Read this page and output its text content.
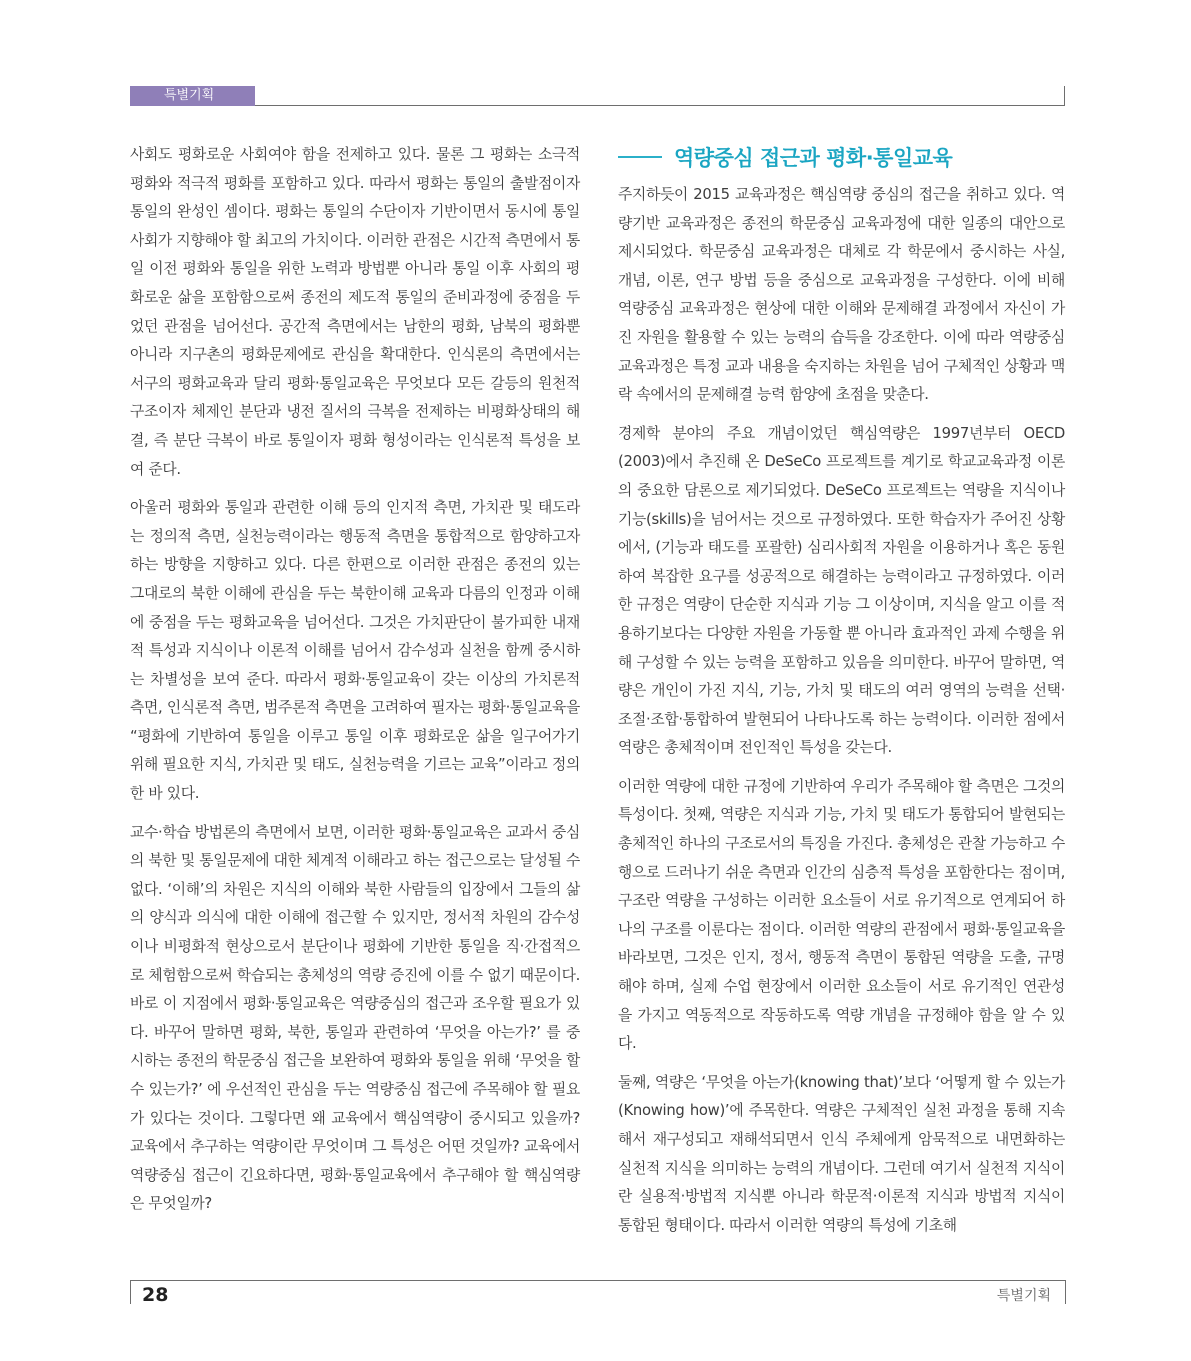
특별기획

사회도 평화로운 사회여야 함을 전제하고 있다. 물론 그 평화는 소극적 평화와 적극적 평화를 포함하고 있다. 따라서 평화는 통일의 출발점이자 통일의 완성인 셈이다. 평화는 통일의 수단이자 기반이면서 동시에 통일사회가 지향해야 할 최고의 가치이다. 이러한 관점은 시간적 측면에서 통일 이전 평화와 통일을 위한 노력과 방법뿐 아니라 통일 이후 사회의 평화로운 삶을 포함함으로써 종전의 제도적 통일의 준비과정에 중점을 두었던 관점을 넘어선다. 공간적 측면에서는 남한의 평화, 남북의 평화뿐 아니라 지구촌의 평화문제에로 관심을 확대한다. 인식론의 측면에서는 서구의 평화교육과 달리 평화·통일교육은 무엇보다 모든 갈등의 원천적 구조이자 체제인 분단과 냉전 질서의 극복을 전제하는 비평화상태의 해결, 즉 분단 극복이 바로 통일이자 평화 형성이라는 인식론적 특성을 보여 준다.

아울러 평화와 통일과 관련한 이해 등의 인지적 측면, 가치관 및 태도라는 정의적 측면, 실천능력이라는 행동적 측면을 통합적으로 함양하고자 하는 방향을 지향하고 있다. 다른 한편으로 이러한 관점은 종전의 있는 그대로의 북한 이해에 관심을 두는 북한이해 교육과 다름의 인정과 이해에 중점을 두는 평화교육을 넘어선다. 그것은 가치판단이 불가피한 내재적 특성과 지식이나 이론적 이해를 넘어서 감수성과 실천을 함께 중시하는 차별성을 보여 준다. 따라서 평화·통일교육이 갖는 이상의 가치론적 측면, 인식론적 측면, 범주론적 측면을 고려하여 필자는 평화·통일교육을 “평화에 기반하여 통일을 이루고 통일 이후 평화로운 삶을 일구어가기 위해 필요한 지식, 가치관 및 태도, 실천능력을 기르는 교육”이라고 정의한 바 있다.

교수·학습 방법론의 측면에서 보면, 이러한 평화·통일교육은 교과서 중심의 북한 및 통일문제에 대한 체계적 이해라고 하는 접근으로는 달성될 수 없다. ‘이해’의 차원은 지식의 이해와 북한 사람들의 입장에서 그들의 삶의 양식과 의식에 대한 이해에 접근할 수 있지만, 정서적 차원의 감수성이나 비평화적 현상으로서 분단이나 평화에 기반한 통일을 직·간접적으로 체험함으로써 학습되는 총체성의 역량 증진에 이를 수 없기 때문이다. 바로 이 지점에서 평화·통일교육은 역량중심의 접근과 조우할 필요가 있다. 바꾸어 말하면 평화, 북한, 통일과 관련하여 ‘무엇을 아는가?’ 를 중시하는 종전의 학문중심 접근을 보완하여 평화와 통일을 위해 ‘무엇을 할 수 있는가?’ 에 우선적인 관심을 두는 역량중심 접근에 주목해야 할 필요가 있다는 것이다. 그렇다면 왜 교육에서 핵심역량이 중시되고 있을까? 교육에서 추구하는 역량이란 무엇이며 그 특성은 어떤 것일까? 교육에서 역량중심 접근이 긴요하다면, 평화·통일교육에서 추구해야 할 핵심역량은 무엇일까?

역량중심 접근과 평화·통일교육

주지하듯이 2015 교육과정은 핵심역량 중심의 접근을 취하고 있다. 역량기반 교육과정은 종전의 학문중심 교육과정에 대한 일종의 대안으로 제시되었다. 학문중심 교육과정은 대체로 각 학문에서 중시하는 사실, 개념, 이론, 연구 방법 등을 중심으로 교육과정을 구성한다. 이에 비해 역량중심 교육과정은 현상에 대한 이해와 문제해결 과정에서 자신이 가진 자원을 활용할 수 있는 능력의 습득을 강조한다. 이에 따라 역량중심 교육과정은 특정 교과 내용을 숙지하는 차원을 넘어 구체적인 상황과 맥락 속에서의 문제해결 능력 함양에 초점을 맞춘다.

경제학 분야의 주요 개념이었던 핵심역량은 1997년부터 OECD (2003)에서 추진해 온 DeSeCo 프로젝트를 계기로 학교교육과정 이론의 중요한 담론으로 제기되었다. DeSeCo 프로젝트는 역량을 지식이나 기능(skills)을 넘어서는 것으로 규정하였다. 또한 학습자가 주어진 상황에서, (기능과 태도를 포괄한) 심리사회적 자원을 이용하거나 혹은 동원하여 복잡한 요구를 성공적으로 해결하는 능력이라고 규정하였다. 이러한 규정은 역량이 단순한 지식과 기능 그 이상이며, 지식을 알고 이를 적용하기보다는 다양한 자원을 가동할 뿐 아니라 효과적인 과제 수행을 위해 구성할 수 있는 능력을 포함하고 있음을 의미한다. 바꾸어 말하면, 역량은 개인이 가진 지식, 기능, 가치 및 태도의 여러 영역의 능력을 선택·조절·조합·통합하여 발현되어 나타나도록 하는 능력이다. 이러한 점에서 역량은 총체적이며 전인적인 특성을 갖는다.

이러한 역량에 대한 규정에 기반하여 우리가 주목해야 할 측면은 그것의 특성이다. 첫째, 역량은 지식과 기능, 가치 및 태도가 통합되어 발현되는 총체적인 하나의 구조로서의 특징을 가진다. 총체성은 관찰 가능하고 수행으로 드러나기 쉬운 측면과 인간의 심층적 특성을 포함한다는 점이며, 구조란 역량을 구성하는 이러한 요소들이 서로 유기적으로 연계되어 하나의 구조를 이룬다는 점이다. 이러한 역량의 관점에서 평화·통일교육을 바라보면, 그것은 인지, 정서, 행동적 측면이 통합된 역량을 도출, 규명해야 하며, 실제 수업 현장에서 이러한 요소들이 서로 유기적인 연관성을 가지고 역동적으로 작동하도록 역량 개념을 규정해야 함을 알 수 있다.

둘째, 역량은 ‘무엇을 아는가(knowing that)’보다 ‘어떻게 할 수 있는가(Knowing how)’에 주목한다. 역량은 구체적인 실천 과정을 통해 지속해서 재구성되고 재해석되면서 인식 주체에게 암묵적으로 내면화하는 실천적 지식을 의미하는 능력의 개념이다. 그런데 여기서 실천적 지식이란 실용적·방법적 지식뿐 아니라 학문적·이론적 지식과 방법적 지식이 통합된 형태이다. 따라서 이러한 역량의 특성에 기초해

28	특별기획
